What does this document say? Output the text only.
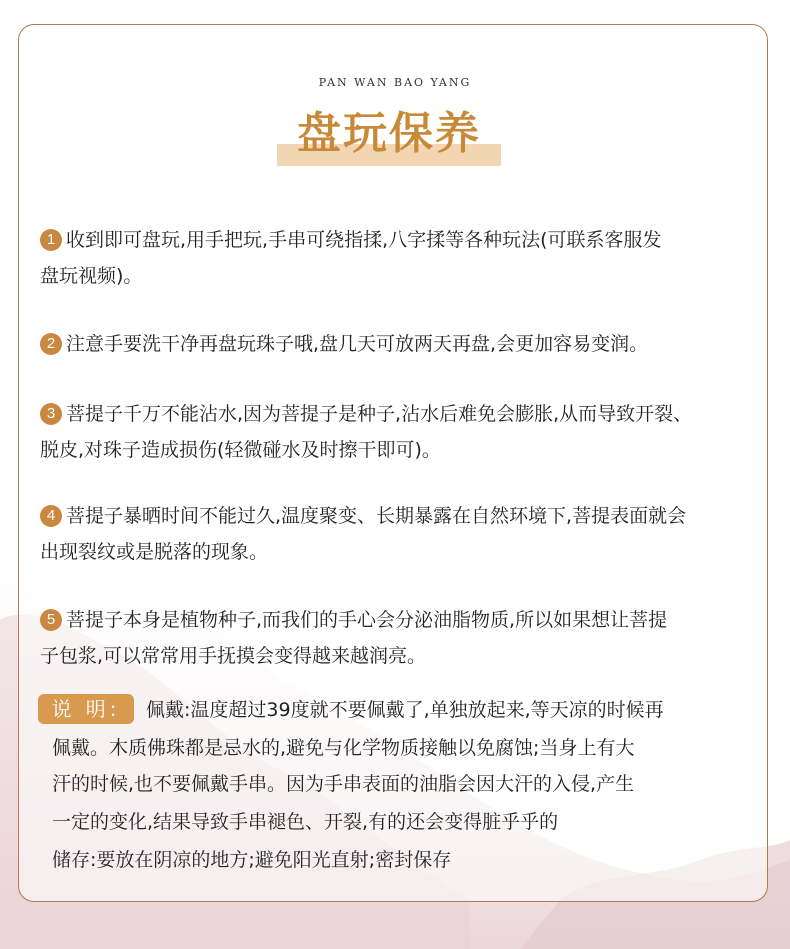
PAN WAN BAO YANG
盘玩保养
1 收到即可盘玩,用手把玩,手串可绕指揉,八字揉等各种玩法(可联系客服发
盘玩视频)。
2 注意手要洗干净再盘玩珠子哦,盘几天可放两天再盘,会更加容易变润。
3 菩提子千万不能沾水,因为菩提子是种子,沾水后难免会膨胀,从而导致开裂、
脱皮,对珠子造成损伤(轻微碰水及时擦干即可)。
4 菩提子暴晒时间不能过久,温度聚变、长期暴露在自然环境下,菩提表面就会
出现裂纹或是脱落的现象。
5 菩提子本身是植物种子,而我们的手心会分泌油脂物质,所以如果想让菩提
子包浆,可以常常用手抚摸会变得越来越润亮。
说 明:	佩戴:温度超过39度就不要佩戴了,单独放起来,等天凉的时候再
佩戴。木质佛珠都是忌水的,避免与化学物质接触以免腐蚀;当身上有大
汗的时候,也不要佩戴手串。因为手串表面的油脂会因大汗的入侵,产生
一定的变化,结果导致手串褪色、开裂,有的还会变得脏乎乎的
储存:要放在阴凉的地方;避免阳光直射;密封保存
